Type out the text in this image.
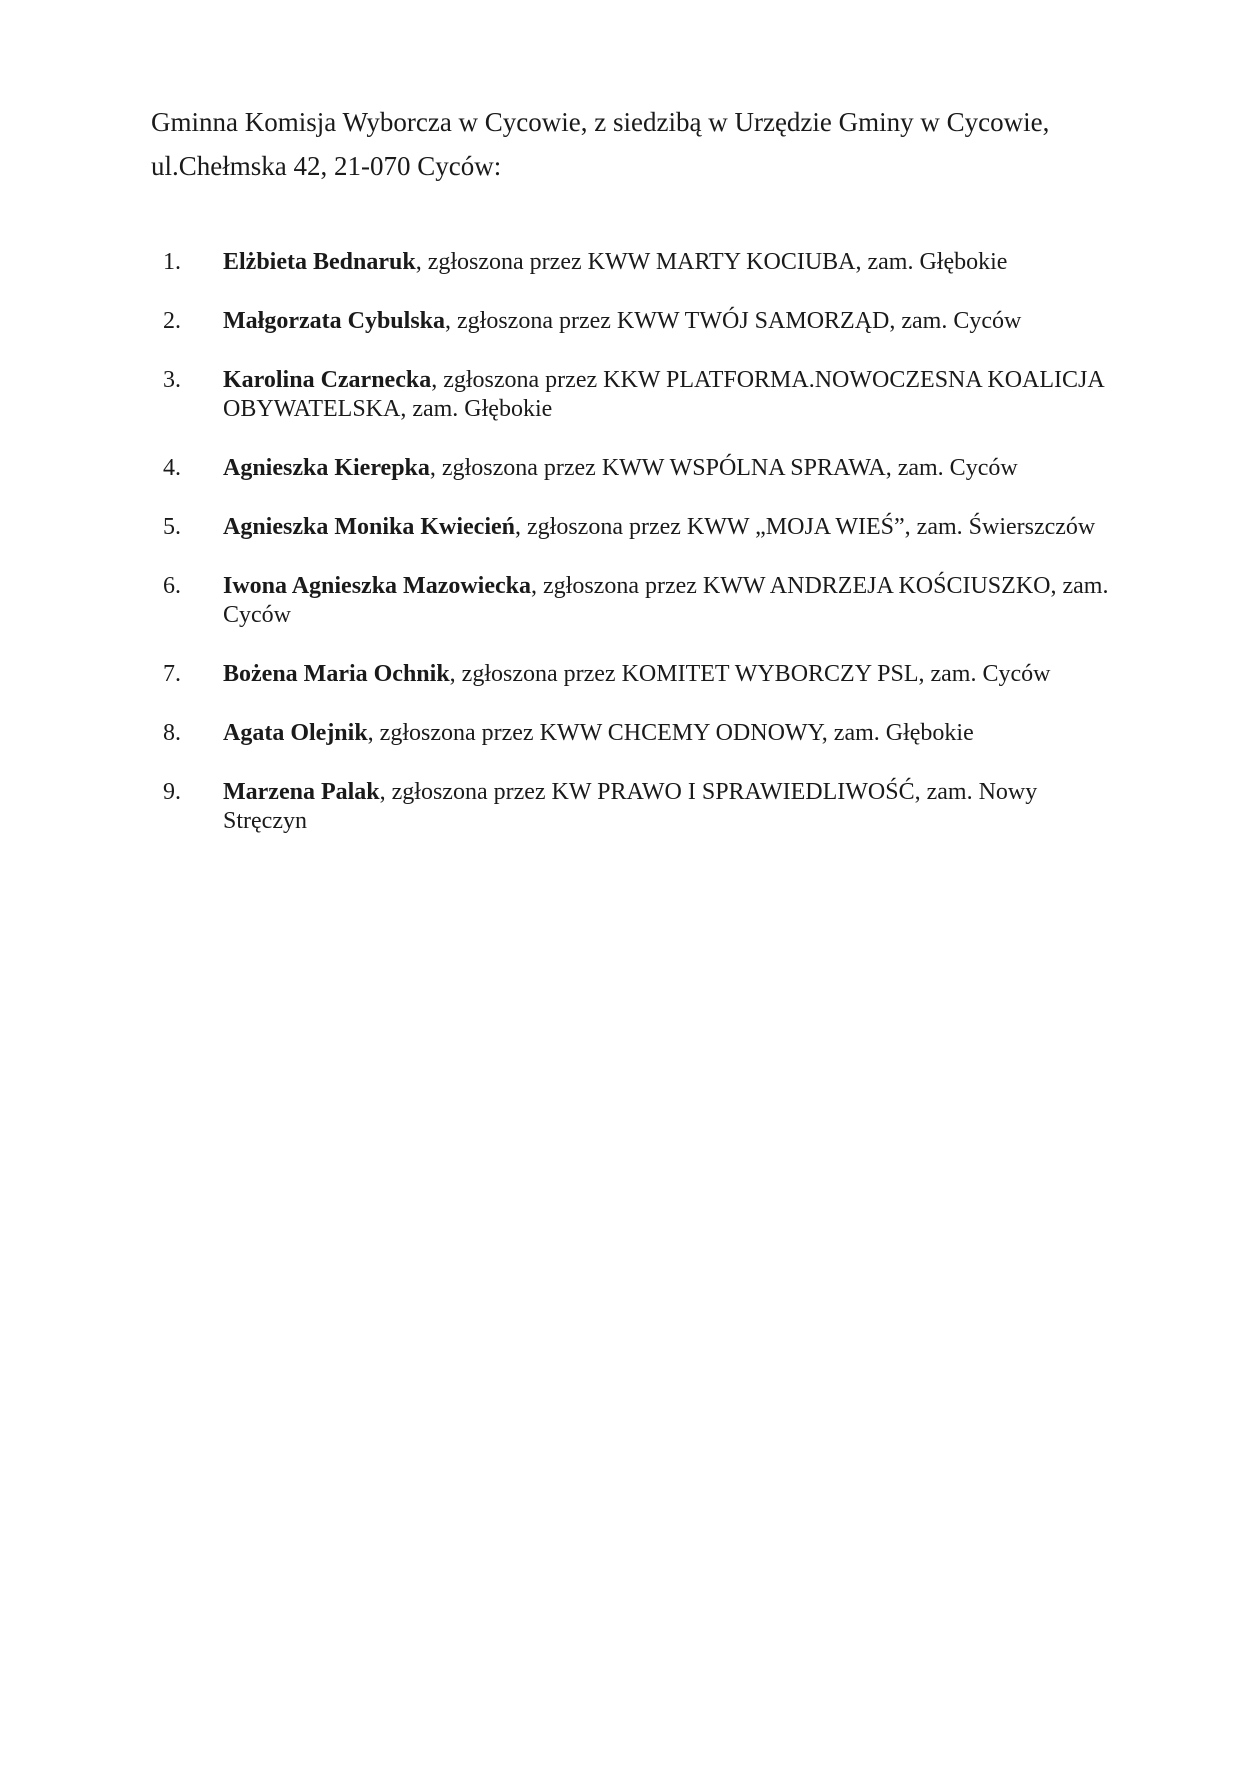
Gminna Komisja Wyborcza w Cycowie, z siedzibą w Urzędzie Gminy w Cycowie,
ul.Chełmska 42, 21-070 Cyców:
1. Elżbieta Bednaruk, zgłoszona przez KWW MARTY KOCIUBA, zam. Głębokie
2. Małgorzata Cybulska, zgłoszona przez KWW TWÓJ SAMORZĄD, zam. Cyców
3. Karolina Czarnecka, zgłoszona przez KKW PLATFORMA.NOWOCZESNA KOALICJA OBYWATELSKA, zam. Głębokie
4. Agnieszka Kierepka, zgłoszona przez KWW WSPÓLNA SPRAWA, zam. Cyców
5. Agnieszka Monika Kwiecień, zgłoszona przez KWW „MOJA WIEŚ”, zam. Świerszczów
6. Iwona Agnieszka Mazowiecka, zgłoszona przez KWW ANDRZEJA KOŚCIUSZKO, zam. Cyców
7. Bożena Maria Ochnik, zgłoszona przez KOMITET WYBORCZY PSL, zam. Cyców
8. Agata Olejnik, zgłoszona przez KWW CHCEMY ODNOWY, zam. Głębokie
9. Marzena Palak, zgłoszona przez KW PRAWO I SPRAWIEDLIWOŚĆ, zam. Nowy Stręczyn
